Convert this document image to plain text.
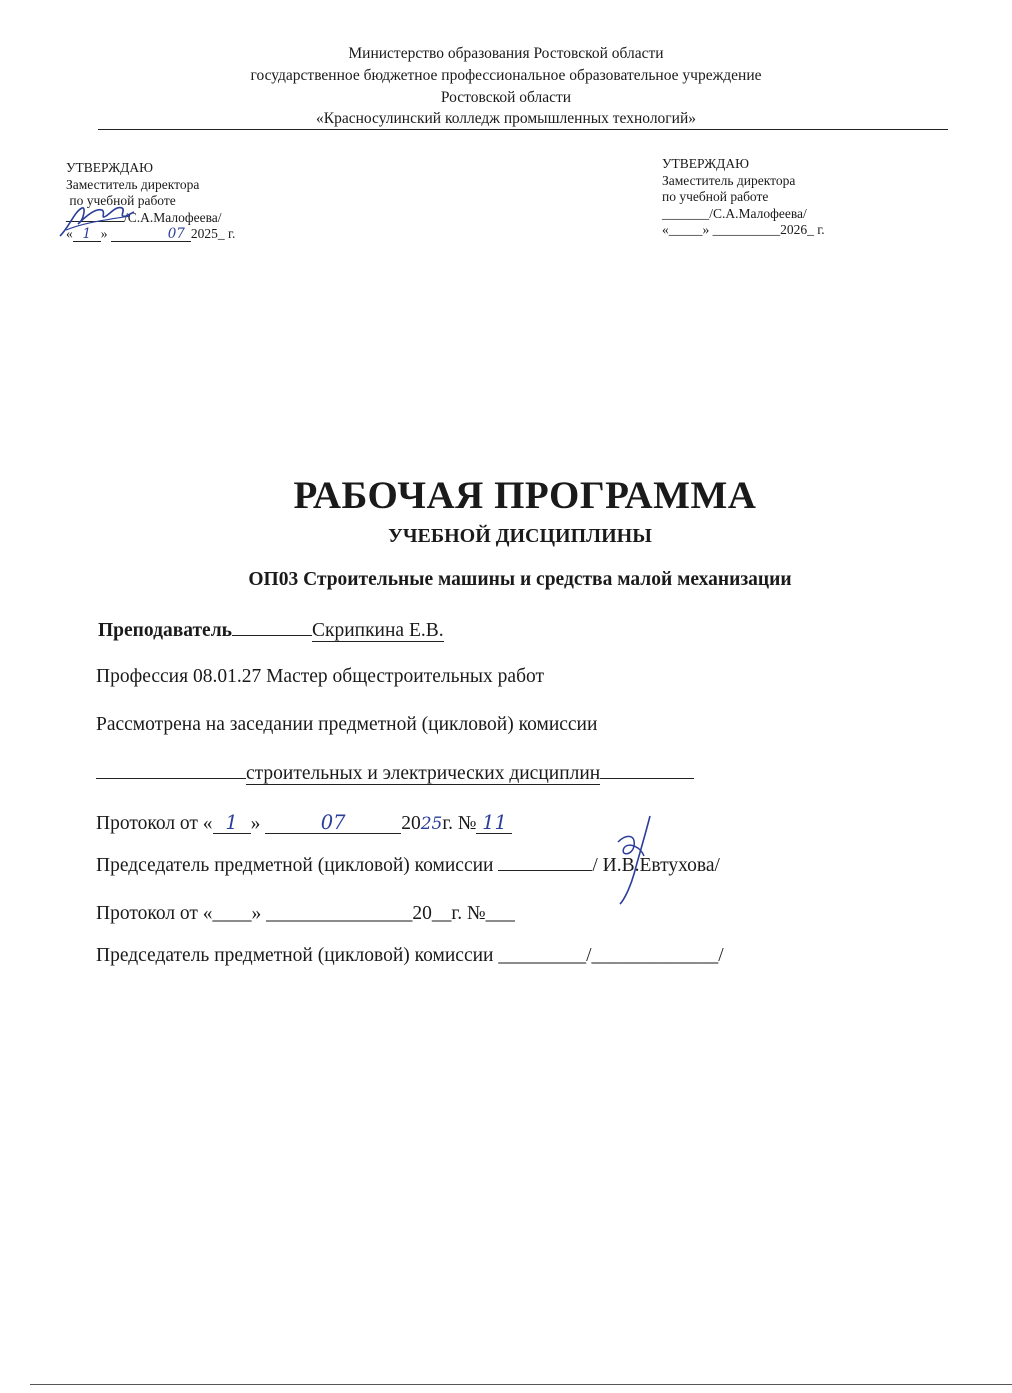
Министерство образования Ростовской области
государственное бюджетное профессиональное образовательное учреждение
Ростовской области
«Красносулинский колледж промышленных технологий»
УТВЕРЖДАЮ
Заместитель директора
по учебной работе
/С.А.Малофеева/
« 1 »	07 2025_ г.
УТВЕРЖДАЮ
Заместитель директора
по учебной работе
_______/С.А.Малофеева/
«_____» __________2026_ г.
РАБОЧАЯ ПРОГРАММА
УЧЕБНОЙ ДИСЦИПЛИНЫ
ОП03 Строительные машины и средства малой механизации
Преподаватель	Скрипкина Е.В.
Профессия 08.01.27 Мастер общестроительных работ
Рассмотрена на заседании предметной (цикловой) комиссии
строительных и электрических дисциплин
Протокол от « 1 »	07	2025г. № 11
Председатель предметной (цикловой) комиссии	/ И.В.Евтухова/
Протокол от «____» _______________20__г. №___
Председатель предметной (цикловой) комиссии _________/_____________/
